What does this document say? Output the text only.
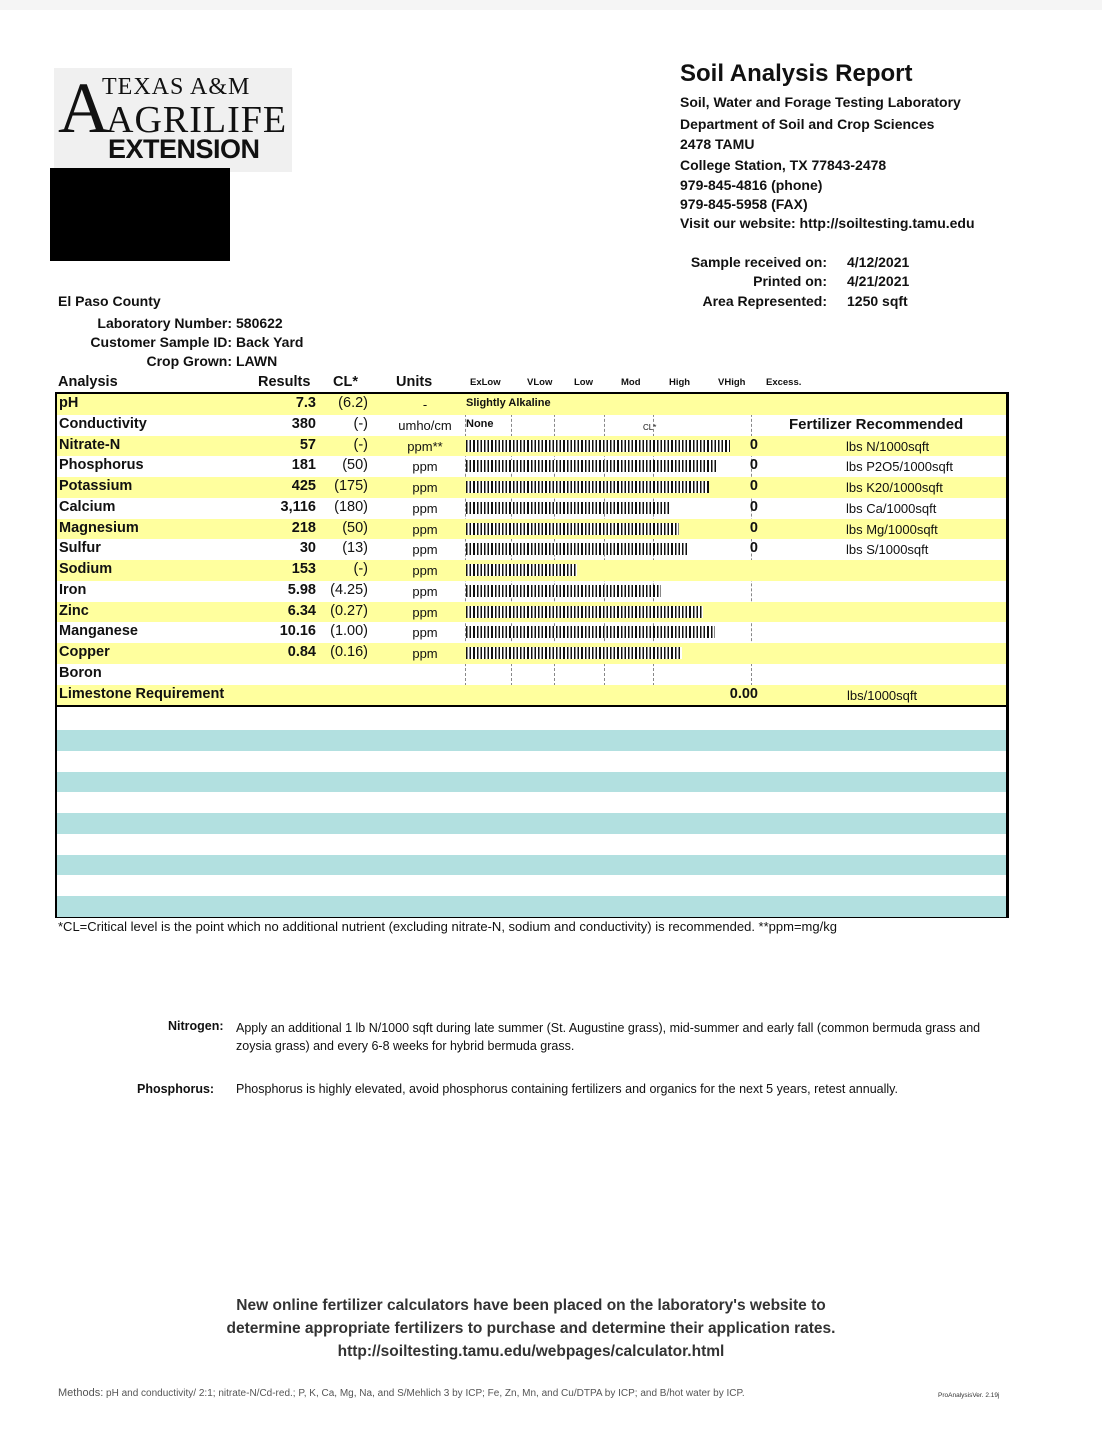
A
TEXAS A&M
AGRILIFE
EXTENSION
Soil Analysis Report
Soil, Water and Forage Testing Laboratory
Department of Soil and Crop Sciences
2478 TAMU
College Station, TX 77843-2478
979-845-4816 (phone)
979-845-5958 (FAX)
Visit our website: http://soiltesting.tamu.edu
Sample received on: 4/12/2021
Printed on: 4/21/2021
Area Represented: 1250 sqft
El Paso County
Laboratory Number: 580622
Customer Sample ID: Back Yard
Crop Grown: LAWN
Analysis	Results CL*	Units	ExLow	VLow Low	Mod	High	VHigh Excess.
pH	7.3 (6.2)	-	Slightly Alkaline
Conductivity	380	(-)	umho/cm	None	CL*	Fertilizer Recommended
Nitrate-N	57	(-)	ppm**	0	lbs N/1000sqft
Phosphorus	181 (50)	ppm	0	lbs P2O5/1000sqft
Potassium	425 (175)	ppm	0	lbs K20/1000sqft
Calcium	3,116 (180)	ppm	0	lbs Ca/1000sqft
Magnesium	218 (50)	ppm	0	lbs Mg/1000sqft
Sulfur	30 (13)	ppm	0	lbs S/1000sqft
Sodium	153	(-)	ppm
Iron	5.98 (4.25)	ppm
Zinc	6.34 (0.27)	ppm
Manganese	10.16 (1.00)	ppm
Copper	0.84 (0.16)	ppm
Boron
Limestone Requirement	0.00	lbs/1000sqft
*CL=Critical level is the point which no additional nutrient (excluding nitrate-N, sodium and conductivity) is recommended. **ppm=mg/kg
Nitrogen: Apply an additional 1 lb N/1000 sqft during late summer (St. Augustine grass), mid-summer and early fall (common bermuda grass and zoysia grass) and every 6-8 weeks for hybrid bermuda grass.
Phosphorus: Phosphorus is highly elevated, avoid phosphorus containing fertilizers and organics for the next 5 years, retest annually.
New online fertilizer calculators have been placed on the laboratory's website to
determine appropriate fertilizers to purchase and determine their application rates.
http://soiltesting.tamu.edu/webpages/calculator.html
Methods: pH and conductivity/ 2:1; nitrate-N/Cd-red.; P, K, Ca, Mg, Na, and S/Mehlich 3 by ICP; Fe, Zn, Mn, and Cu/DTPA by ICP; and B/hot water by ICP.	ProAnalysisVer. 2.19j
